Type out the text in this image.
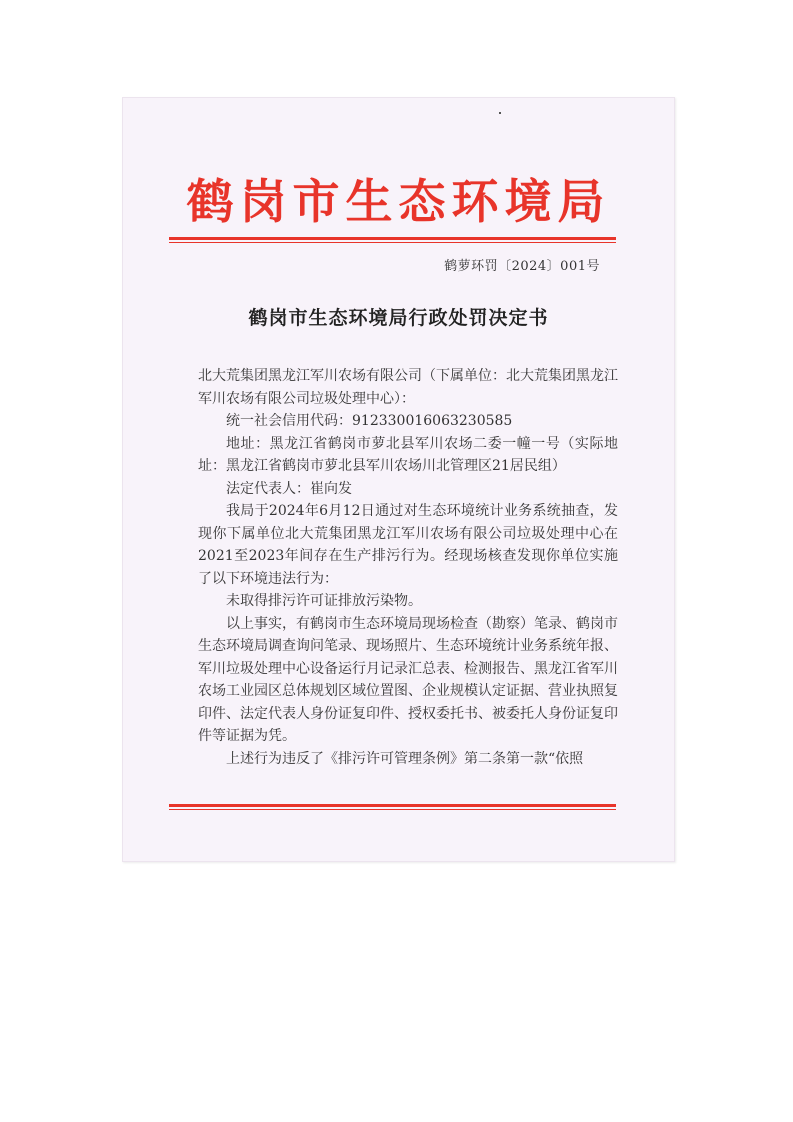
鹤岗市生态环境局
鹤萝环罚〔2024〕001号
鹤岗市生态环境局行政处罚决定书

北大荒集团黑龙江军川农场有限公司（下属单位：北大荒集团黑龙江军川农场有限公司垃圾处理中心）：

统一社会信用代码：912330016063230585

地址：黑龙江省鹤岗市萝北县军川农场二委一幢一号（实际地址：黑龙江省鹤岗市萝北县军川农场川北管理区21居民组）

法定代表人：崔向发

我局于2024年6月12日通过对生态环境统计业务系统抽查，发现你下属单位北大荒集团黑龙江军川农场有限公司垃圾处理中心在2021至2023年间存在生产排污行为。经现场核查发现你单位实施了以下环境违法行为：

未取得排污许可证排放污染物。

以上事实，有鹤岗市生态环境局现场检查（勘察）笔录、鹤岗市生态环境局调查询问笔录、现场照片、生态环境统计业务系统年报、军川垃圾处理中心设备运行月记录汇总表、检测报告、黑龙江省军川农场工业园区总体规划区域位置图、企业规模认定证据、营业执照复印件、法定代表人身份证复印件、授权委托书、被委托人身份证复印件等证据为凭。

上述行为违反了《排污许可管理条例》第二条第一款“依照
